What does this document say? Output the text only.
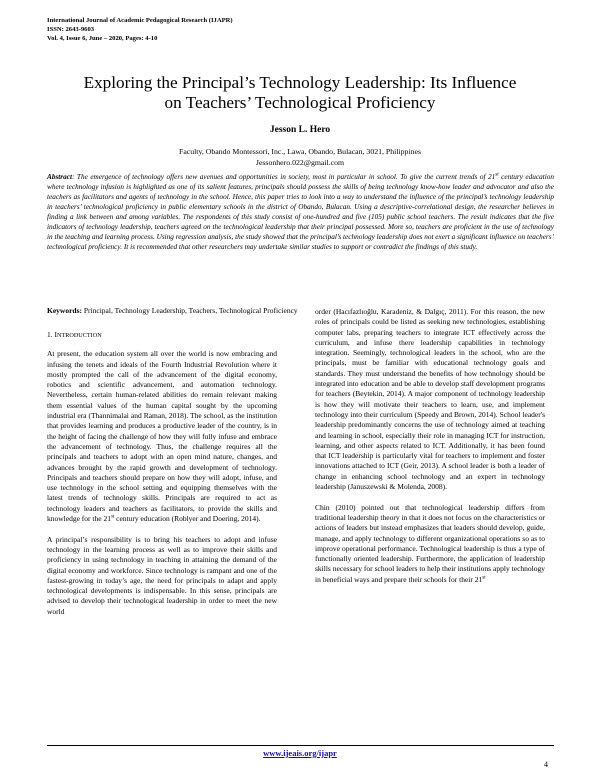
International Journal of Academic Pedagogical Research (IJAPR)
ISSN: 2643-9603
Vol. 4, Issue 6, June – 2020, Pages: 4-10
Exploring the Principal’s Technology Leadership: Its Influence
on Teachers’ Technological Proficiency
Jesson L. Hero
Faculty, Obando Montessori, Inc., Lawa, Obando, Bulacan, 3021, Philippines
Jessonhero.022@gmail.com
Abstract: The emergence of technology offers new avenues and opportunities in society, most in particular in school. To give the current trends of 21st century education where technology infusion is highlighted as one of its salient features, principals should possess the skills of being technology know-how leader and advocator and also the teachers as facilitators and agents of technology in the school. Hence, this paper tries to look into a way to understand the influence of the principal’s technology leadership in teachers’ technological proficiency in public elementary schools in the district of Obando, Bulacan. Using a descriptive-correlational design, the researcher believes in finding a link between and among variables. The respondents of this study consist of one-hundred and five (105) public school teachers. The result indicates that the five indicators of technology leadership, teachers agreed on the technological leadership that their principal possessed. More so, teachers are proficient in the use of technology in the teaching and learning process. Using regression analysis, the study showed that the principal’s technology leadership does not exert a significant influence on teachers’ technological proficiency. It is recommended that other researchers may undertake similar studies to support or contradict the findings of this study.
Keywords: Principal, Technology Leadership, Teachers, Technological Proficiency
1. INTRODUCTION

At present, the education system all over the world is now embracing and infusing the tenets and ideals of the Fourth Industrial Revolution where it mostly prompted the call of the advancement of the digital economy, robotics and scientific advancement, and automation technology. Nevertheless, certain human-related abilities do remain relevant making them essential values of the human capital sought by the upcoming industrial era (Thannimalai and Raman, 2018). The school, as the institution that provides learning and produces a productive leader of the country, is in the height of facing the challenge of how they will fully infuse and embrace the advancement of technology. Thus, the challenge requires all the principals and teachers to adopt with an open mind nature, changes, and advances brought by the rapid growth and development of technology. Principals and teachers should prepare on how they will adopt, infuse, and use technology in the school setting and equipping themselves with the latest trends of technology skills. Principals are required to act as technology leaders and teachers as facilitators, to provide the skills and knowledge for the 21st century education (Roblyer and Doering, 2014).

A principal’s responsibility is to bring his teachers to adopt and infuse technology in the learning process as well as to improve their skills and proficiency in using technology in teaching in attaining the demand of the digital economy and workforce. Since technology is rampant and one of the fastest-growing in today’s age, the need for principals to adapt and apply technological developments is indispensable. In this sense, principals are advised to develop their technological leadership in order to meet the new world

order (Hacıfazlıoğlu, Karadeniz, & Dalgıç, 2011). For this reason, the new roles of principals could be listed as seeking new technologies, establishing computer labs, preparing teachers to integrate ICT effectively across the curriculum, and infuse there leadership capabilities in technology integration. Seemingly, technological leaders in the school, who are the principals, must be familiar with educational technology goals and standards. They must understand the benefits of how technology should be integrated into education and be able to develop staff development programs for teachers (Beytekin, 2014). A major component of technology leadership is how they will motivate their teachers to learn, use, and implement technology into their curriculum (Speedy and Brown, 2014). School leader's leadership predominantly concerns the use of technology aimed at teaching and learning in school, especially their role in managing ICT for instruction, learning, and other aspects related to ICT. Additionally, it has been found that ICT leadership is particularly vital for teachers to implement and foster innovations attached to ICT (Geir, 2013). A school leader is both a leader of change in enhancing school technology and an expert in technology leadership (Januszewski & Molenda, 2008).

Chin (2010) pointed out that technological leadership differs from traditional leadership theory in that it does not focus on the characteristics or actions of leaders but instead emphasizes that leaders should develop, guide, manage, and apply technology to different organizational operations so as to improve operational performance. Technological leadership is thus a type of functionally oriented leadership. Furthermore, the application of leadership skills necessary for school leaders to help their institutions apply technology in beneficial ways and prepare their schools for their 21st

www.ijeais.org/ijapr
4
